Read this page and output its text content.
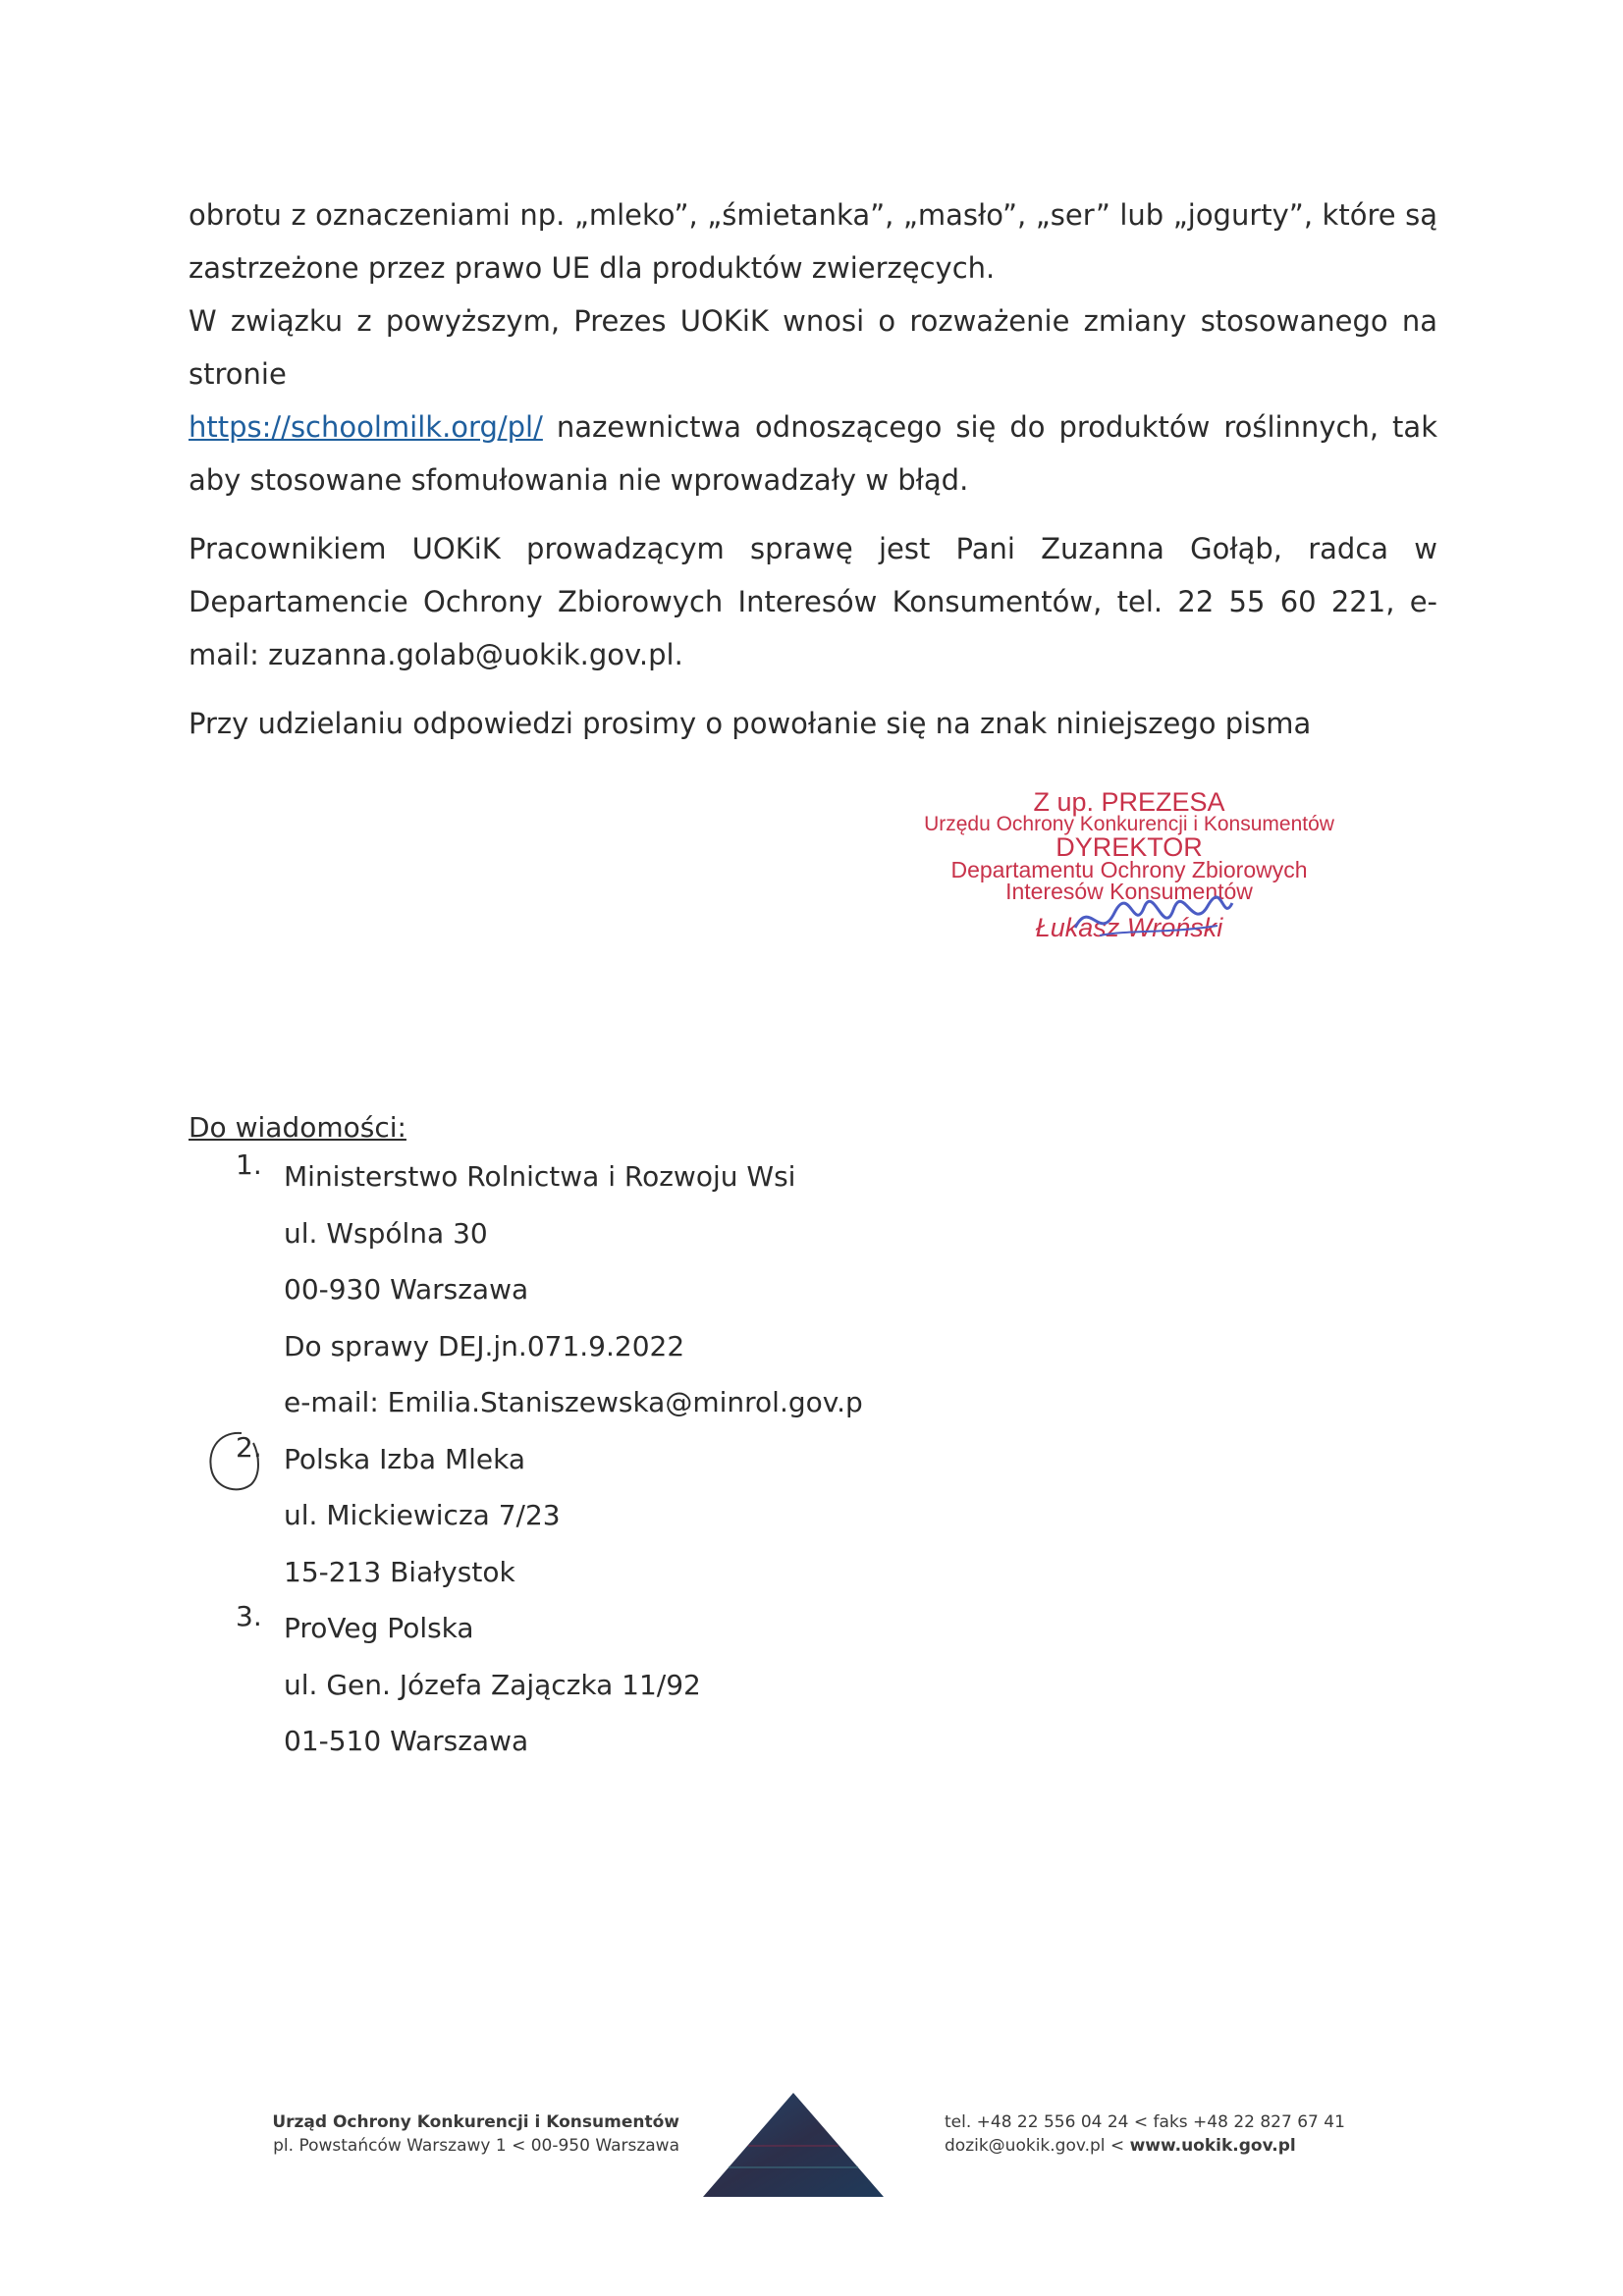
obrotu z oznaczeniami np. „mleko”, „śmietanka”, „masło”, „ser” lub „jogurty”, które są

zastrzeżone przez prawo UE dla produktów zwierzęcych.

W związku z powyższym, Prezes UOKiK wnosi o rozważenie zmiany stosowanego na stronie
https://schoolmilk.org/pl/ nazewnictwa odnoszącego się do produktów roślinnych, tak aby stosowane sfomułowania nie wprowadzały w błąd.

Pracownikiem UOKiK prowadzącym sprawę jest Pani Zuzanna Gołąb, radca w Departamencie Ochrony Zbiorowych Interesów Konsumentów, tel. 22 55 60 221, e-mail: zuzanna.golab@uokik.gov.pl.

Przy udzielaniu odpowiedzi prosimy o powołanie się na znak niniejszego pisma

Z up. PREZESA
Urzędu Ochrony Konkurencji i Konsumentów
DYREKTOR
Departamentu Ochrony Zbiorowych
Interesów Konsumentów
Łukasz Wroński

Do wiadomości:

1. Ministerstwo Rolnictwa i Rozwoju Wsi

ul. Wspólna 30

00-930 Warszawa

Do sprawy DEJ.jn.071.9.2022

e-mail: Emilia.Staniszewska@minrol.gov.p

2. Polska Izba Mleka

ul. Mickiewicza 7/23

15-213 Białystok

3. ProVeg Polska

ul. Gen. Józefa Zajączka 11/92

01-510 Warszawa

Urząd Ochrony Konkurencji i Konsumentów
pl. Powstańców Warszawy 1 < 00-950 Warszawa
tel. +48 22 556 04 24 < faks +48 22 827 67 41
dozik@uokik.gov.pl < www.uokik.gov.pl
